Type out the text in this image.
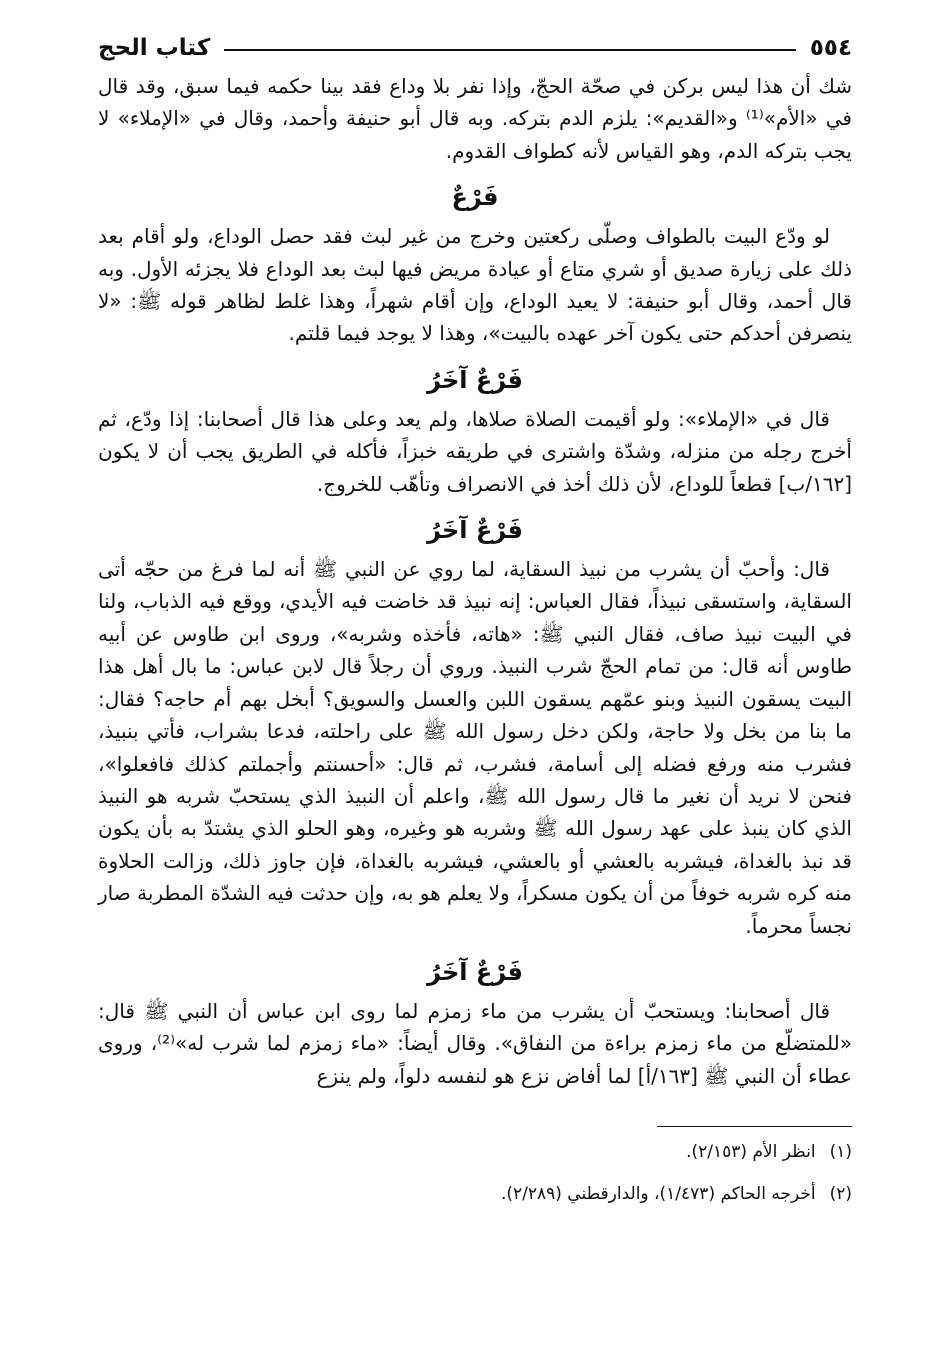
٥٥٤
كتاب الحج

شك أن هذا ليس بركن في صحّة الحجّ، وإذا نفر بلا وداع فقد بينا حكمه فيما سبق، وقد قال في «الأم»⁽¹⁾ و«القديم»: يلزم الدم بتركه. وبه قال أبو حنيفة وأحمد، وقال في «الإملاء» لا يجب بتركه الدم، وهو القياس لأنه كطواف القدوم.

فَرْعٌ

لو ودّع البيت بالطواف وصلّى ركعتين وخرج من غير لبث فقد حصل الوداع، ولو أقام بعد ذلك على زيارة صديق أو شري متاع أو عيادة مريض فيها لبث بعد الوداع فلا يجزئه الأول. وبه قال أحمد، وقال أبو حنيفة: لا يعيد الوداع، وإن أقام شهراً، وهذا غلط لظاهر قوله ﷺ: «لا ينصرفن أحدكم حتى يكون آخر عهده بالبيت»، وهذا لا يوجد فيما قلتم.

فَرْعٌ آخَرُ

قال في «الإملاء»: ولو أقيمت الصلاة صلاها، ولم يعد وعلى هذا قال أصحابنا: إذا ودّع، ثم أخرج رجله من منزله، وشدّة واشترى في طريقه خبزاً، فأكله في الطريق يجب أن لا يكون [١٦٢/ب] قطعاً للوداع، لأن ذلك أخذ في الانصراف وتأهّب للخروج.

فَرْعٌ آخَرُ

قال: وأحبّ أن يشرب من نبيذ السقاية، لما روي عن النبي ﷺ أنه لما فرغ من حجّه أتى السقاية، واستسقى نبيذاً، فقال العباس: إنه نبيذ قد خاضت فيه الأيدي، ووقع فيه الذباب، ولنا في البيت نبيذ صاف، فقال النبي ﷺ: «هاته، فأخذه وشربه»، وروى ابن طاوس عن أبيه طاوس أنه قال: من تمام الحجّ شرب النبيذ. وروي أن رجلاً قال لابن عباس: ما بال أهل هذا البيت يسقون النبيذ وبنو عمّهم يسقون اللبن والعسل والسويق؟ أبخل بهم أم حاجه؟ فقال: ما بنا من بخل ولا حاجة، ولكن دخل رسول الله ﷺ على راحلته، فدعا بشراب، فأتي بنبيذ، فشرب منه ورفع فضله إلى أسامة، فشرب، ثم قال: «أحسنتم وأجملتم كذلك فافعلوا»، فنحن لا نريد أن نغير ما قال رسول الله ﷺ، واعلم أن النبيذ الذي يستحبّ شربه هو النبيذ الذي كان ينبذ على عهد رسول الله ﷺ وشربه هو وغيره، وهو الحلو الذي يشتدّ به بأن يكون قد نبذ بالغداة، فيشربه بالعشي أو بالعشي، فيشربه بالغداة، فإن جاوز ذلك، وزالت الحلاوة منه كره شربه خوفاً من أن يكون مسكراً، ولا يعلم هو به، وإن حدثت فيه الشدّة المطربة صار نجساً محرماً.

فَرْعٌ آخَرُ

قال أصحابنا: ويستحبّ أن يشرب من ماء زمزم لما روى ابن عباس أن النبي ﷺ قال: «للمتضلّع من ماء زمزم براءة من النفاق». وقال أيضاً: «ماء زمزم لما شرب له»⁽²⁾، وروى عطاء أن النبي ﷺ [١٦٣/أ] لما أفاض نزع هو لنفسه دلواً، ولم ينزع

(١)انظر الأم (٢/١٥٣).
(٢)أخرجه الحاكم (١/٤٧٣)، والدارقطني (٢/٢٨٩).
